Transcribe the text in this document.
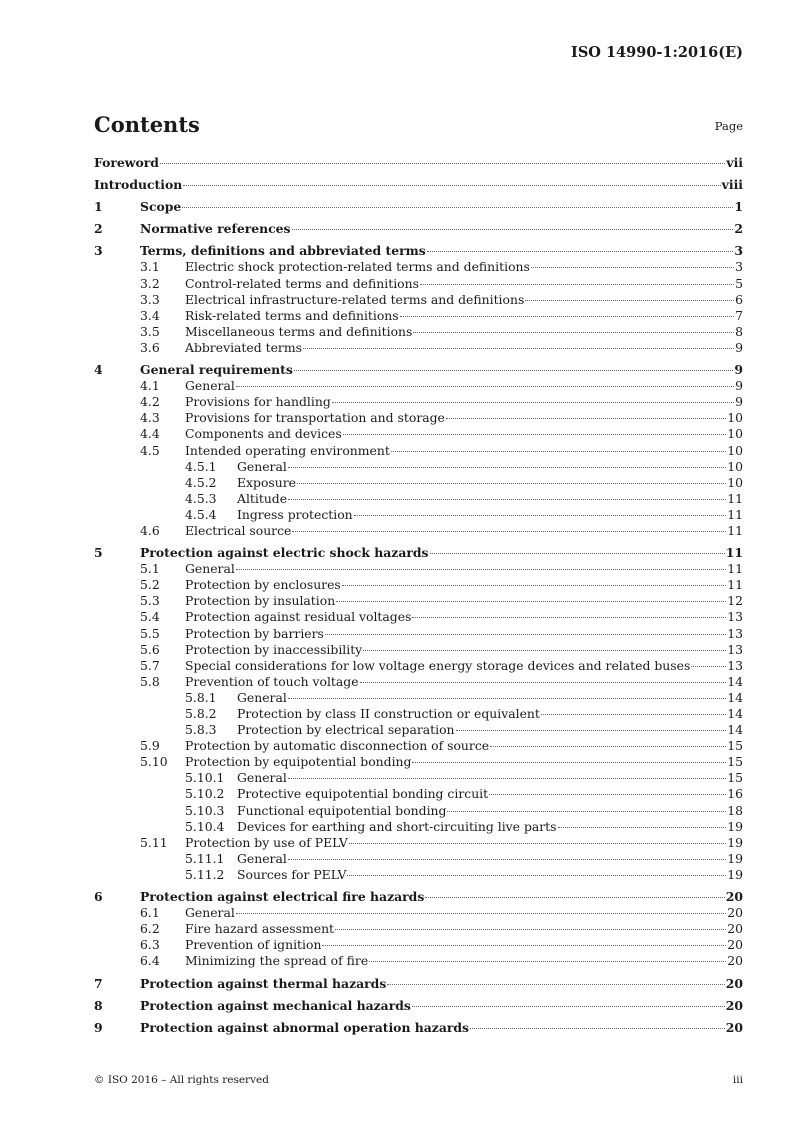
ISO 14990-1:2016(E)
Contents	Page
Foreword	vii
Introduction	viii
1	Scope	1
2	Normative references	2
3	Terms, definitions and abbreviated terms	3
3.1	Electric shock protection-related terms and definitions	3
3.2	Control-related terms and definitions	5
3.3	Electrical infrastructure-related terms and definitions	6
3.4	Risk-related terms and definitions	7
3.5	Miscellaneous terms and definitions	8
3.6	Abbreviated terms	9
4	General requirements	9
4.1	General	9
4.2	Provisions for handling	9
4.3	Provisions for transportation and storage	10
4.4	Components and devices	10
4.5	Intended operating environment	10
4.5.1	General	10
4.5.2	Exposure	10
4.5.3	Altitude	11
4.5.4	Ingress protection	11
4.6	Electrical source	11
5	Protection against electric shock hazards	11
5.1	General	11
5.2	Protection by enclosures	11
5.3	Protection by insulation	12
5.4	Protection against residual voltages	13
5.5	Protection by barriers	13
5.6	Protection by inaccessibility	13
5.7	Special considerations for low voltage energy storage devices and related buses	13
5.8	Prevention of touch voltage	14
5.8.1	General	14
5.8.2	Protection by class II construction or equivalent	14
5.8.3	Protection by electrical separation	14
5.9	Protection by automatic disconnection of source	15
5.10	Protection by equipotential bonding	15
5.10.1	General	15
5.10.2	Protective equipotential bonding circuit	16
5.10.3	Functional equipotential bonding	18
5.10.4	Devices for earthing and short-circuiting live parts	19
5.11	Protection by use of PELV	19
5.11.1	General	19
5.11.2	Sources for PELV	19
6	Protection against electrical fire hazards	20
6.1	General	20
6.2	Fire hazard assessment	20
6.3	Prevention of ignition	20
6.4	Minimizing the spread of fire	20
7	Protection against thermal hazards	20
8	Protection against mechanical hazards	20
9	Protection against abnormal operation hazards	20
© ISO 2016 – All rights reserved	iii
